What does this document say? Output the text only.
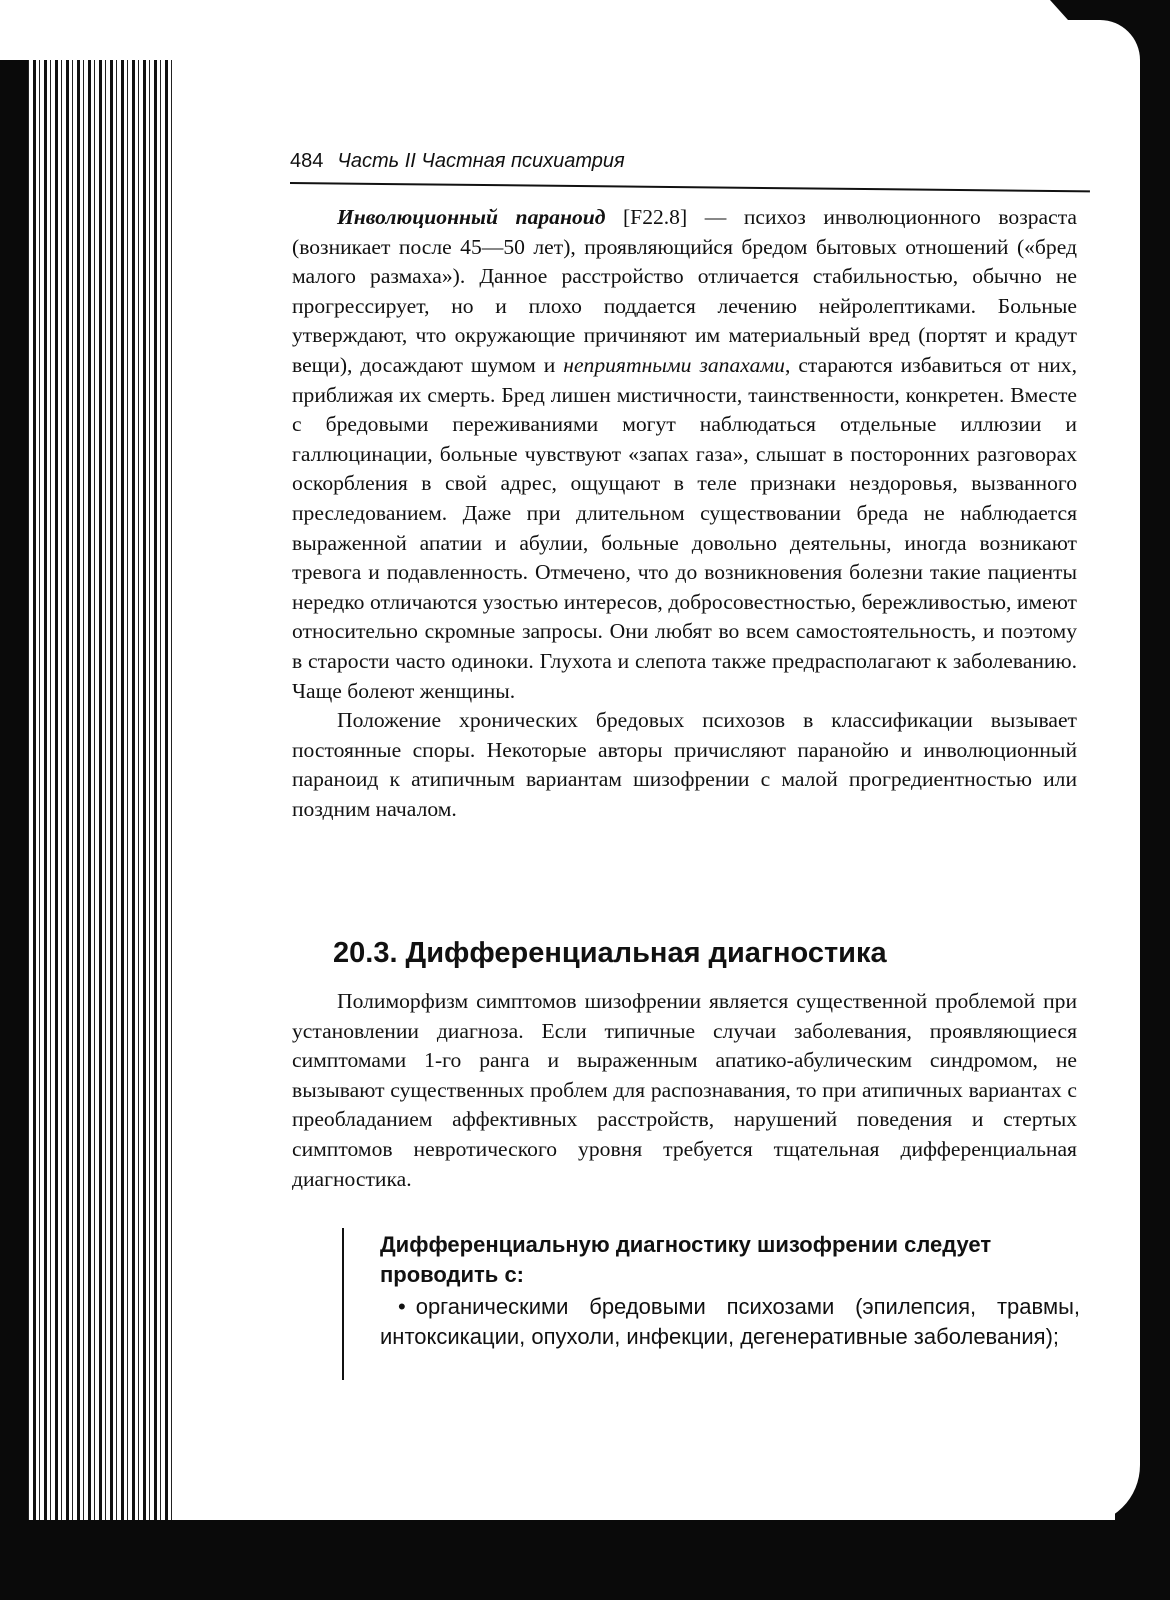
484 Часть II Частная психиатрия

Инволюционный параноид [F22.8] — психоз инволюционного возраста (возникает после 45—50 лет), проявляющийся бредом бытовых отношений («бред малого размаха»). Данное расстройство отличается стабильностью, обычно не прогрессирует, но и плохо поддается лечению нейролептиками. Больные утверждают, что окружающие причиняют им материальный вред (портят и крадут вещи), досаждают шумом и неприятными запахами, стараются избавиться от них, приближая их смерть. Бред лишен мистичности, таинственности, конкретен. Вместе с бредовыми переживаниями могут наблюдаться отдельные иллюзии и галлюцинации, больные чувствуют «запах газа», слышат в посторонних разговорах оскорбления в свой адрес, ощущают в теле признаки нездоровья, вызванного преследованием. Даже при длительном существовании бреда не наблюдается выраженной апатии и абулии, больные довольно деятельны, иногда возникают тревога и подавленность. Отмечено, что до возникновения болезни такие пациенты нередко отличаются узостью интересов, добросовестностью, бережливостью, имеют относительно скромные запросы. Они любят во всем самостоятельность, и поэтому в старости часто одиноки. Глухота и слепота также предрасполагают к заболеванию. Чаще болеют женщины.

Положение хронических бредовых психозов в классификации вызывает постоянные споры. Некоторые авторы причисляют паранойю и инволюционный параноид к атипичным вариантам шизофрении с малой прогредиентностью или поздним началом.

20.3. Дифференциальная диагностика

Полиморфизм симптомов шизофрении является существенной проблемой при установлении диагноза. Если типичные случаи заболевания, проявляющиеся симптомами 1-го ранга и выраженным апатико-абулическим синдромом, не вызывают существенных проблем для распознавания, то при атипичных вариантах с преобладанием аффективных расстройств, нарушений поведения и стертых симптомов невротического уровня требуется тщательная дифференциальная диагностика.

Дифференциальную диагностику шизофрении следует проводить с:
• органическими бредовыми психозами (эпилепсия, травмы, интоксикации, опухоли, инфекции, дегенеративные заболевания);
